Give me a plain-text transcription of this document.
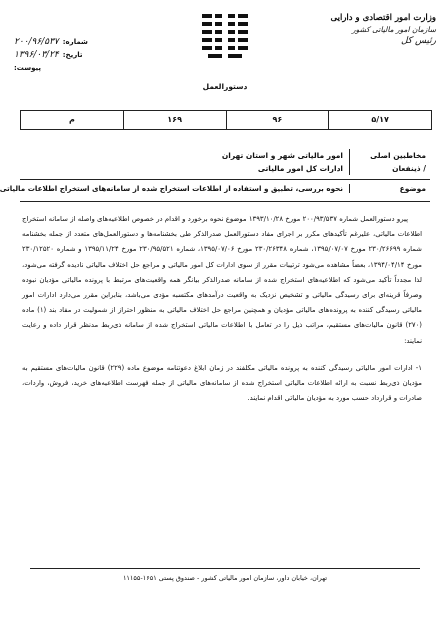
وزارت امور اقتصادی و دارایی
سازمان امور مالیاتی کشور
رئیس کل
دستورالعمل
شماره:
۲۰۰/۹۶/۵۳۷
تاریخ:
۱۳۹۶/۰۳/۲۴
پیوست:
۵/۱۷
۹۶
۱۶۹
م
مخاطبین اصلی / ذینفعان
امور مالیاتی شهر و استان تهران
ادارات کل امور مالیاتی
موضوع
نحوه بررسی، تطبیق و استفاده از اطلاعات استخراج شده از سامانه‌های استخراج اطلاعات مالیاتی

پیرو دستورالعمل شماره ۲۰۰/۹۳/۵۳۷ مورخ ۱۳۹۳/۱۰/۲۸ موضوع نحوه برخورد و اقدام در خصوص اطلاعیه‌های واصله از سامانه استخراج اطلاعات مالیاتی، علیرغم تأکیدهای مکرر بر اجرای مفاد دستورالعمل صدرالذکر طی بخشنامه‌ها و دستورالعمل‌های متعدد از جمله بخشنامه شماره ۲۳۰/۲۶۶۹۹ مورخ ۱۳۹۵/۰۷/۰۷، شماره ۲۳۰/۲۶۳۴۸ مورخ ۱۳۹۵/۰۷/۰۶، شماره ۲۳۰/۹۵/۵۲۱ مورخ ۱۳۹۵/۱۱/۲۴ و شماره ۲۳۰/۱۲۵۲۰ مورخ ۱۳۹۴/۰۴/۱۴، بعضاً مشاهده می‌شود ترتیبات مقرر از سوی ادارات کل امور مالیاتی و مراجع حل اختلاف مالیاتی نادیده گرفته می‌شود، لذا مجدداً تأکید می‌شود که اطلاعیه‌های استخراج شده از سامانه صدرالذکر بیانگر همه واقعیت‌های مرتبط با پرونده مالیاتی مؤدیان نبوده وصرفاً قرینه‌ای برای رسیدگی مالیاتی و تشخیص نزدیک به واقعیت درآمدهای مکتسبه مؤدی می‌باشد، بنابراین مقرر می‌دارد ادارات امور مالیاتی رسیدگی کننده به پرونده‌های مالیاتی مؤدیان و همچنین مراجع حل اختلاف مالیاتی به منظور احتراز از شمولیت در مفاد بند (۱) ماده (۲۷۰) قانون مالیات‌های مستقیم، مراتب ذیل را در تعامل با اطلاعات مالیاتی استخراج شده از سامانه ذی‌ربط مدنظر قرار داده و رعایت نمایند:

۱- ادارات امور مالیاتی رسیدگی کننده به پرونده مالیاتی مکلفند در زمان ابلاغ دعوتنامه موضوع ماده (۲۲۹) قانون مالیات‌های مستقیم به مؤدیان ذی‌ربط نسبت به ارائه اطلاعات مالیاتی استخراج شده از سامانه‌های مالیاتی از جمله فهرست اطلاعیه‌های خرید، فروش، واردات، صادرات و قرارداد حسب مورد به مؤدیان مالیاتی اقدام نمایند.

تهران، خیابان داور، سازمان امور مالیاتی کشور - صندوق پستی ۱۶۵۱-۱۱۱۵۵
